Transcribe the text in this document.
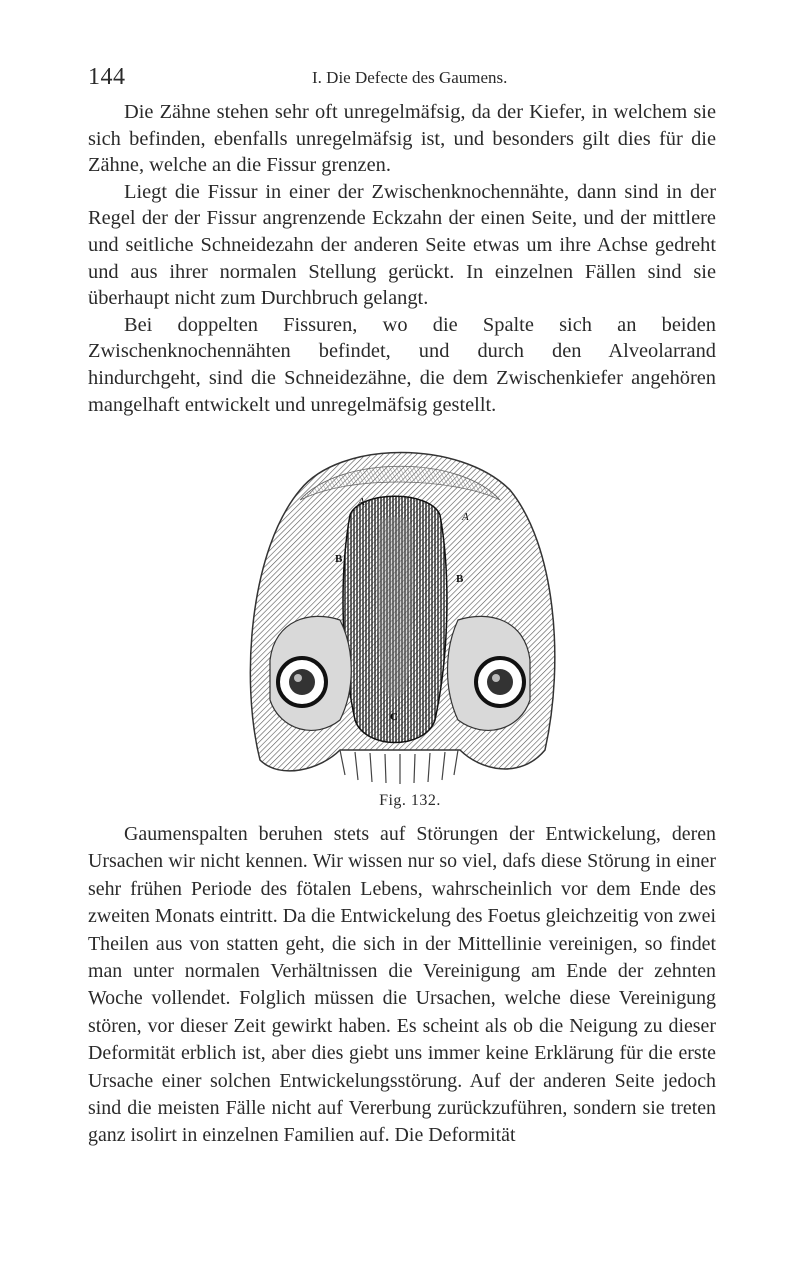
144	I. Die Defecte des Gaumens.

Die Zähne stehen sehr oft unregelmäfsig, da der Kiefer, in welchem sie sich befinden, ebenfalls unregelmäfsig ist, und besonders gilt dies für die Zähne, welche an die Fissur grenzen.

Liegt die Fissur in einer der Zwischenknochennähte, dann sind in der Regel der der Fissur angrenzende Eckzahn der einen Seite, und der mittlere und seitliche Schneidezahn der anderen Seite etwas um ihre Achse gedreht und aus ihrer normalen Stellung gerückt. In einzelnen Fällen sind sie überhaupt nicht zum Durchbruch gelangt.

Bei doppelten Fissuren, wo die Spalte sich an beiden Zwischenknochennähten befindet, und durch den Alveolarrand hindurchgeht, sind die Schneidezähne, die dem Zwischenkiefer angehören mangelhaft entwickelt und unregelmäfsig gestellt.

A
A
B
B
C
Fig. 132.

Gaumenspalten beruhen stets auf Störungen der Entwickelung, deren Ursachen wir nicht kennen. Wir wissen nur so viel, dafs diese Störung in einer sehr frühen Periode des fötalen Lebens, wahrscheinlich vor dem Ende des zweiten Monats eintritt. Da die Entwickelung des Foetus gleichzeitig von zwei Theilen aus von statten geht, die sich in der Mittellinie vereinigen, so findet man unter normalen Verhältnissen die Vereinigung am Ende der zehnten Woche vollendet. Folglich müssen die Ursachen, welche diese Vereinigung stören, vor dieser Zeit gewirkt haben. Es scheint als ob die Neigung zu dieser Deformität erblich ist, aber dies giebt uns immer keine Erklärung für die erste Ursache einer solchen Entwickelungsstörung. Auf der anderen Seite jedoch sind die meisten Fälle nicht auf Vererbung zurückzuführen, sondern sie treten ganz isolirt in einzelnen Familien auf. Die Deformität
